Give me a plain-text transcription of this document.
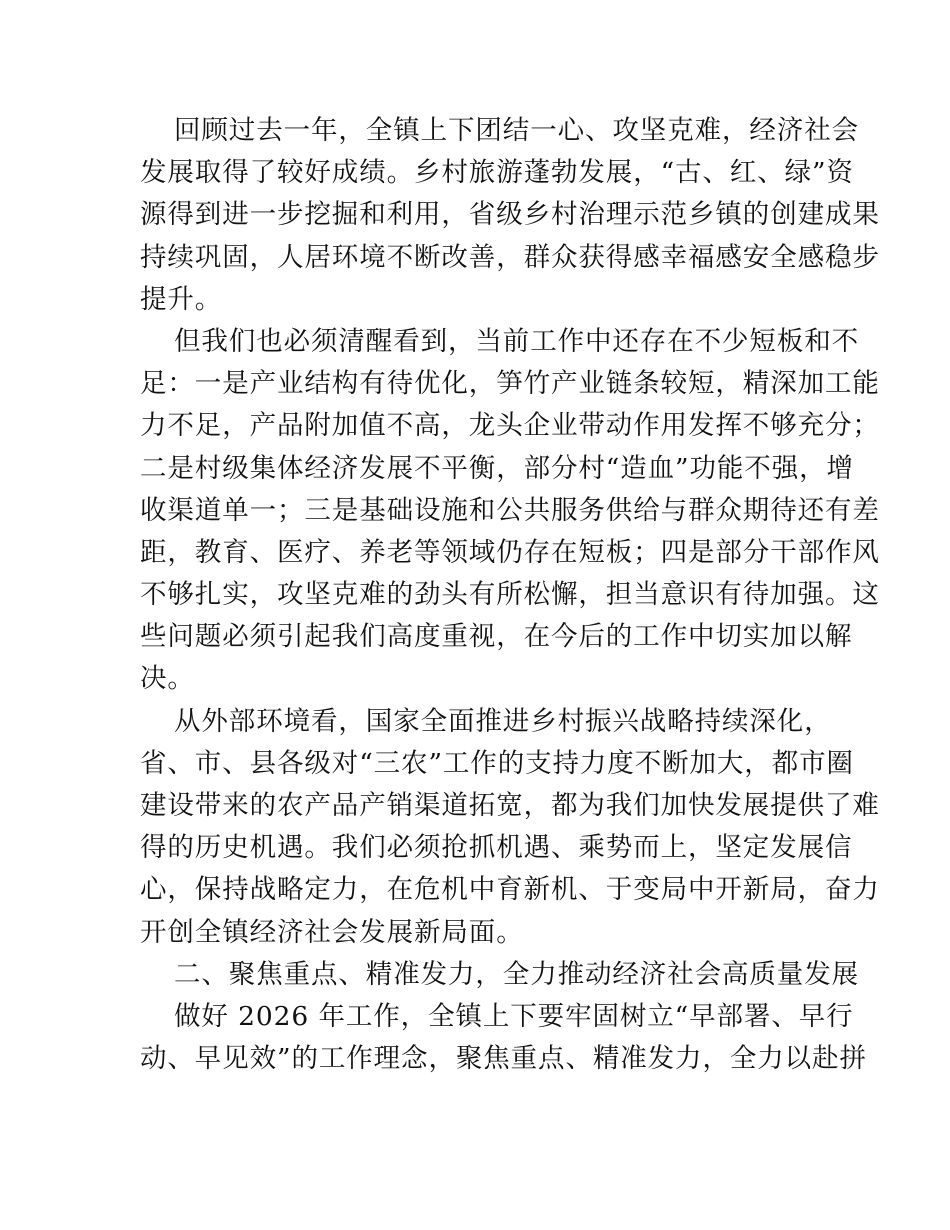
回顾过去一年，全镇上下团结一心、攻坚克难，经济社会
发展取得了较好成绩。乡村旅游蓬勃发展，“古、红、绿”资
源得到进一步挖掘和利用，省级乡村治理示范乡镇的创建成果
持续巩固，人居环境不断改善，群众获得感幸福感安全感稳步
提升。
但我们也必须清醒看到，当前工作中还存在不少短板和不
足：一是产业结构有待优化，笋竹产业链条较短，精深加工能
力不足，产品附加值不高，龙头企业带动作用发挥不够充分；
二是村级集体经济发展不平衡，部分村“造血”功能不强，增
收渠道单一；三是基础设施和公共服务供给与群众期待还有差
距，教育、医疗、养老等领域仍存在短板；四是部分干部作风
不够扎实，攻坚克难的劲头有所松懈，担当意识有待加强。这
些问题必须引起我们高度重视，在今后的工作中切实加以解
决。
从外部环境看，国家全面推进乡村振兴战略持续深化，
省、市、县各级对“三农”工作的支持力度不断加大，都市圈
建设带来的农产品产销渠道拓宽，都为我们加快发展提供了难
得的历史机遇。我们必须抢抓机遇、乘势而上，坚定发展信
心，保持战略定力，在危机中育新机、于变局中开新局，奋力
开创全镇经济社会发展新局面。
二、聚焦重点、精准发力，全力推动经济社会高质量发展
做好 2026 年工作，全镇上下要牢固树立“早部署、早行
动、早见效”的工作理念，聚焦重点、精准发力，全力以赴拼
